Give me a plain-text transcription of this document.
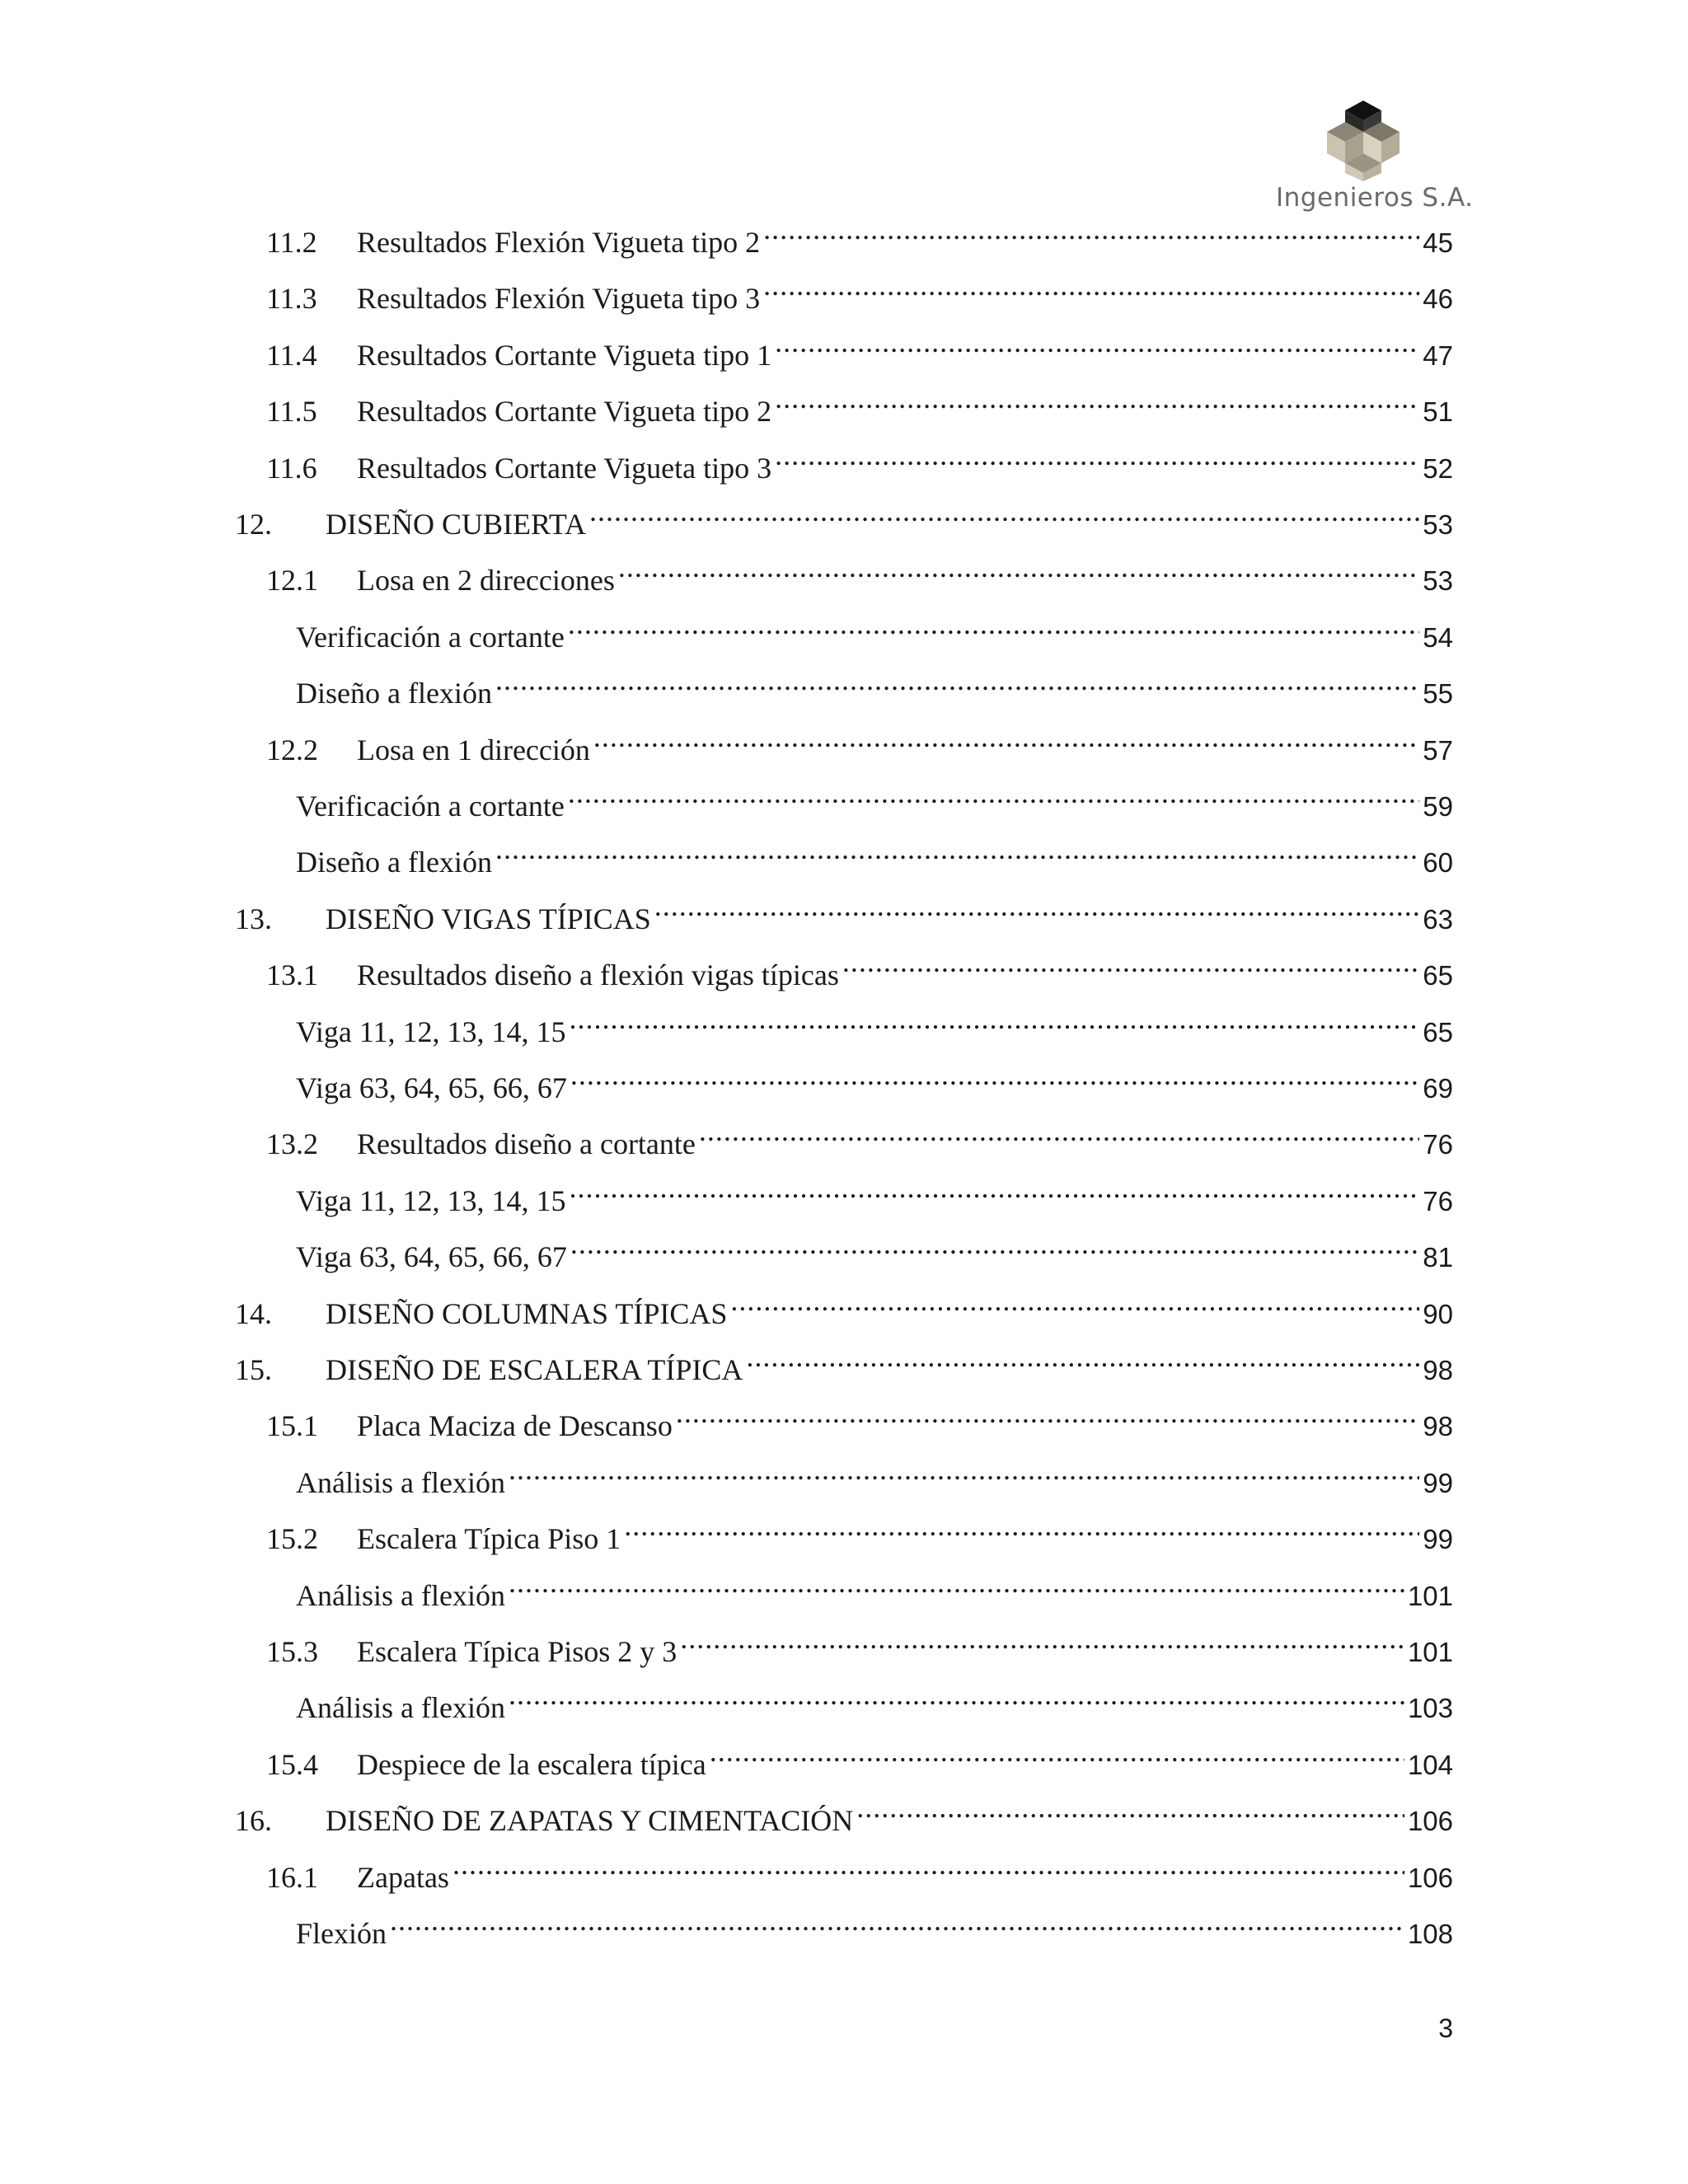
Ingenieros S.A.
11.2	Resultados Flexión Vigueta tipo 2 .....	45
11.3	Resultados Flexión Vigueta tipo 3 .....	46
11.4	Resultados Cortante Vigueta tipo 1 .....	47
11.5	Resultados Cortante Vigueta tipo 2 .....	51
11.6	Resultados Cortante Vigueta tipo 3 .....	52
12.	DISEÑO CUBIERTA .....	53
12.1	Losa en 2 direcciones .....	53
Verificación a cortante .....	54
Diseño a flexión .....	55
12.2	Losa en 1 dirección .....	57
Verificación a cortante .....	59
Diseño a flexión .....	60
13.	DISEÑO VIGAS TÍPICAS .....	63
13.1	Resultados diseño a flexión vigas típicas .....	65
Viga 11, 12, 13, 14, 15 .....	65
Viga 63, 64, 65, 66, 67 .....	69
13.2	Resultados diseño a cortante .....	76
Viga 11, 12, 13, 14, 15 .....	76
Viga 63, 64, 65, 66, 67 .....	81
14.	DISEÑO COLUMNAS TÍPICAS .....	90
15.	DISEÑO DE ESCALERA TÍPICA .....	98
15.1	Placa Maciza de Descanso .....	98
Análisis a flexión .....	99
15.2	Escalera Típica Piso 1 .....	99
Análisis a flexión .....	101
15.3	Escalera Típica Pisos 2 y 3 .....	101
Análisis a flexión .....	103
15.4	Despiece de la escalera típica .....	104
16.	DISEÑO DE ZAPATAS Y CIMENTACIÓN .....	106
16.1	Zapatas .....	106
Flexión .....	108
3
